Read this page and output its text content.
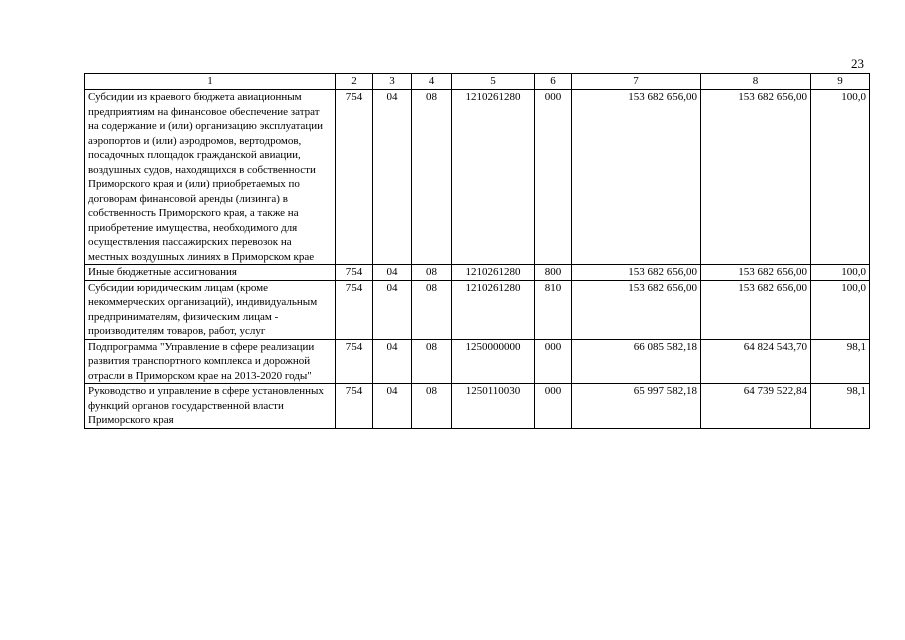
23
1	2	3	4	5	6	7	8	9
Субсидии из краевого бюджета авиационным предприятиям на финансовое обеспечение затрат на содержание и (или) организацию эксплуатации аэропортов и (или) аэродромов, вертодромов, посадочных площадок гражданской авиации, воздушных судов, находящихся в собственности Приморского края и (или) приобретаемых по договорам финансовой аренды (лизинга) в собственность Приморского края, а также на приобретение имущества, необходимого для осуществления пассажирских перевозок на местных воздушных линиях в Приморском крае	754	04	08	1210261280	000	153 682 656,00	153 682 656,00	100,0
Иные бюджетные ассигнования	754	04	08	1210261280	800	153 682 656,00	153 682 656,00	100,0
Субсидии юридическим лицам (кроме некоммерческих организаций), индивидуальным предпринимателям, физическим лицам - производителям товаров, работ, услуг	754	04	08	1210261280	810	153 682 656,00	153 682 656,00	100,0
Подпрограмма "Управление в сфере реализации развития транспортного комплекса и дорожной отрасли в Приморском крае на 2013-2020 годы"	754	04	08	1250000000	000	66 085 582,18	64 824 543,70	98,1
Руководство и управление в сфере установленных функций органов государственной власти Приморского края	754	04	08	1250110030	000	65 997 582,18	64 739 522,84	98,1
